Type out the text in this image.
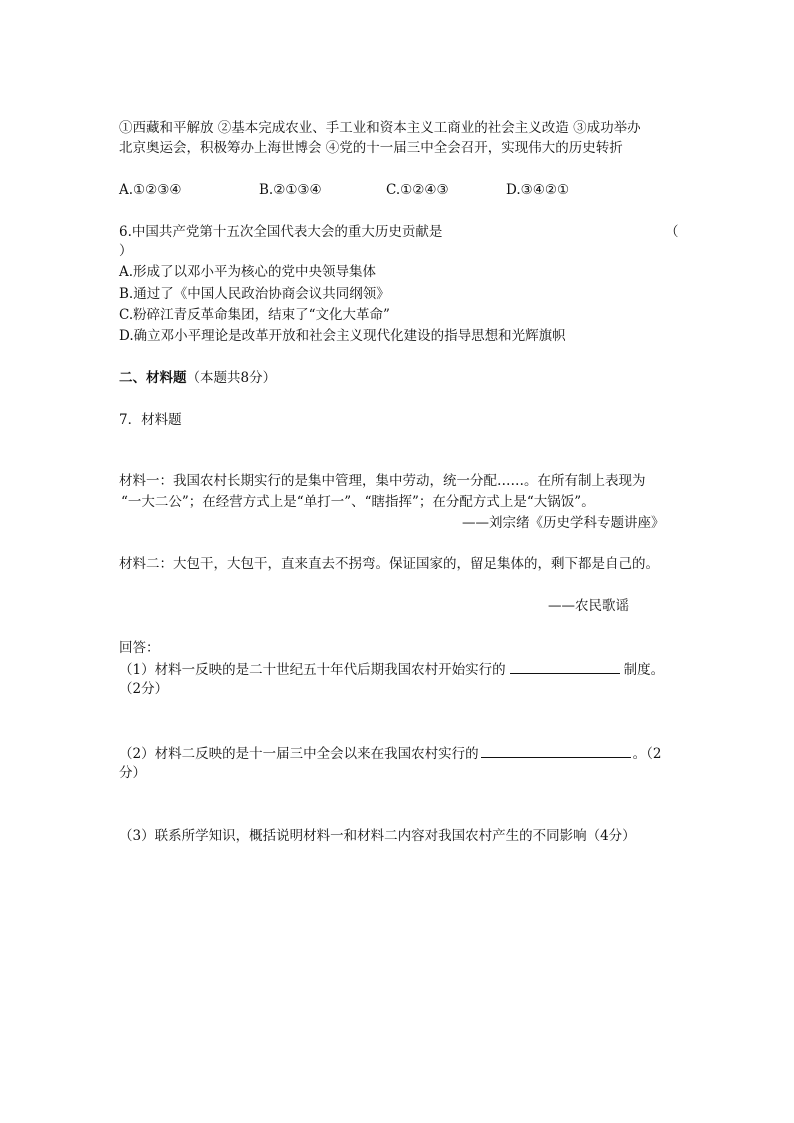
①西藏和平解放 ②基本完成农业、手工业和资本主义工商业的社会主义改造 ③成功举办
北京奥运会，积极筹办上海世博会 ④党的十一届三中全会召开，实现伟大的历史转折
A.①②③④	B.②①③④	C.①②④③	D.③④②①
6.中国共产党第十五次全国代表大会的重大历史贡献是	（
）
A.形成了以邓小平为核心的党中央领导集体
B.通过了《中国人民政治协商会议共同纲领》
C.粉碎江青反革命集团，结束了“文化大革命”
D.确立邓小平理论是改革开放和社会主义现代化建设的指导思想和光辉旗帜
二、材料题（本题共8分）
7．材料题
材料一：我国农村长期实行的是集中管理，集中劳动，统一分配……。在所有制上表现为
“一大二公”；在经营方式上是“单打一”、“瞎指挥”；在分配方式上是“大锅饭”。
——刘宗绪《历史学科专题讲座》
材料二：大包干，大包干，直来直去不拐弯。保证国家的，留足集体的，剩下都是自己的。
——农民歌谣
回答：
（1）材料一反映的是二十世纪五十年代后期我国农村开始实行的	制度。
（2分）
（2）材料二反映的是十一届三中全会以来在我国农村实行的	。（2
分）
（3）联系所学知识，概括说明材料一和材料二内容对我国农村产生的不同影响（4分）
